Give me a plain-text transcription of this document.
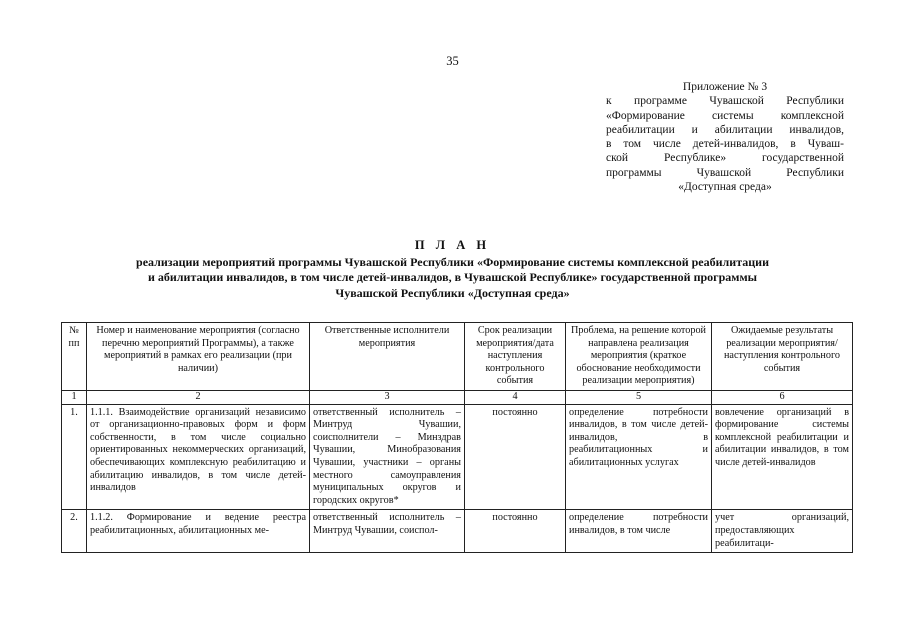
35
Приложение № 3
к программе Чувашской Республики
«Формирование системы комплексной
реабилитации и абилитации инвалидов,
в том числе детей-инвалидов, в Чуваш-
ской Республике» государственной
программы Чувашской Республики
«Доступная среда»
П Л А Н
реализации мероприятий программы Чувашской Республики «Формирование системы комплексной реабилитации
и абилитации инвалидов, в том числе детей-инвалидов, в Чувашской Республике» государственной программы
Чувашской Республики «Доступная среда»
№ пп	Номер и наименование мероприятия (согласно перечню мероприятий Программы), а также мероприятий в рамках его реализации (при наличии)	Ответственные исполнители мероприятия	Срок реализации мероприятия/дата наступления контрольного события	Проблема, на решение которой направлена реализация мероприятия (краткое обоснование необходимости реализации мероприятия)	Ожидаемые результаты реализации мероприятия/наступления контрольного события
1	2	3	4	5	6
1.	1.1.1. Взаимодействие организаций независимо от организационно-правовых форм и форм собственности, в том числе социально ориентированных некоммерческих организаций, обеспечивающих комплексную реабилитацию и абилитацию инвалидов, в том числе детей-инвалидов	ответственный исполнитель – Минтруд Чувашии, соисполнители – Минздрав Чувашии, Минобразования Чувашии, участники – органы местного самоуправления муниципальных округов и городских округов*	постоянно	определение потребности инвалидов, в том числе детей-инвалидов, в реабилитационных и абилитационных услугах	вовлечение организаций в формирование системы комплексной реабилитации и абилитации инвалидов, в том числе детей-инвалидов
2.	1.1.2. Формирование и ведение реестра реабилитационных, абилитационных ме-	ответственный исполнитель – Минтруд Чувашии, соиспол-	постоянно	определение потребности инвалидов, в том числе	учет организаций, предоставляющих реабилитаци-
